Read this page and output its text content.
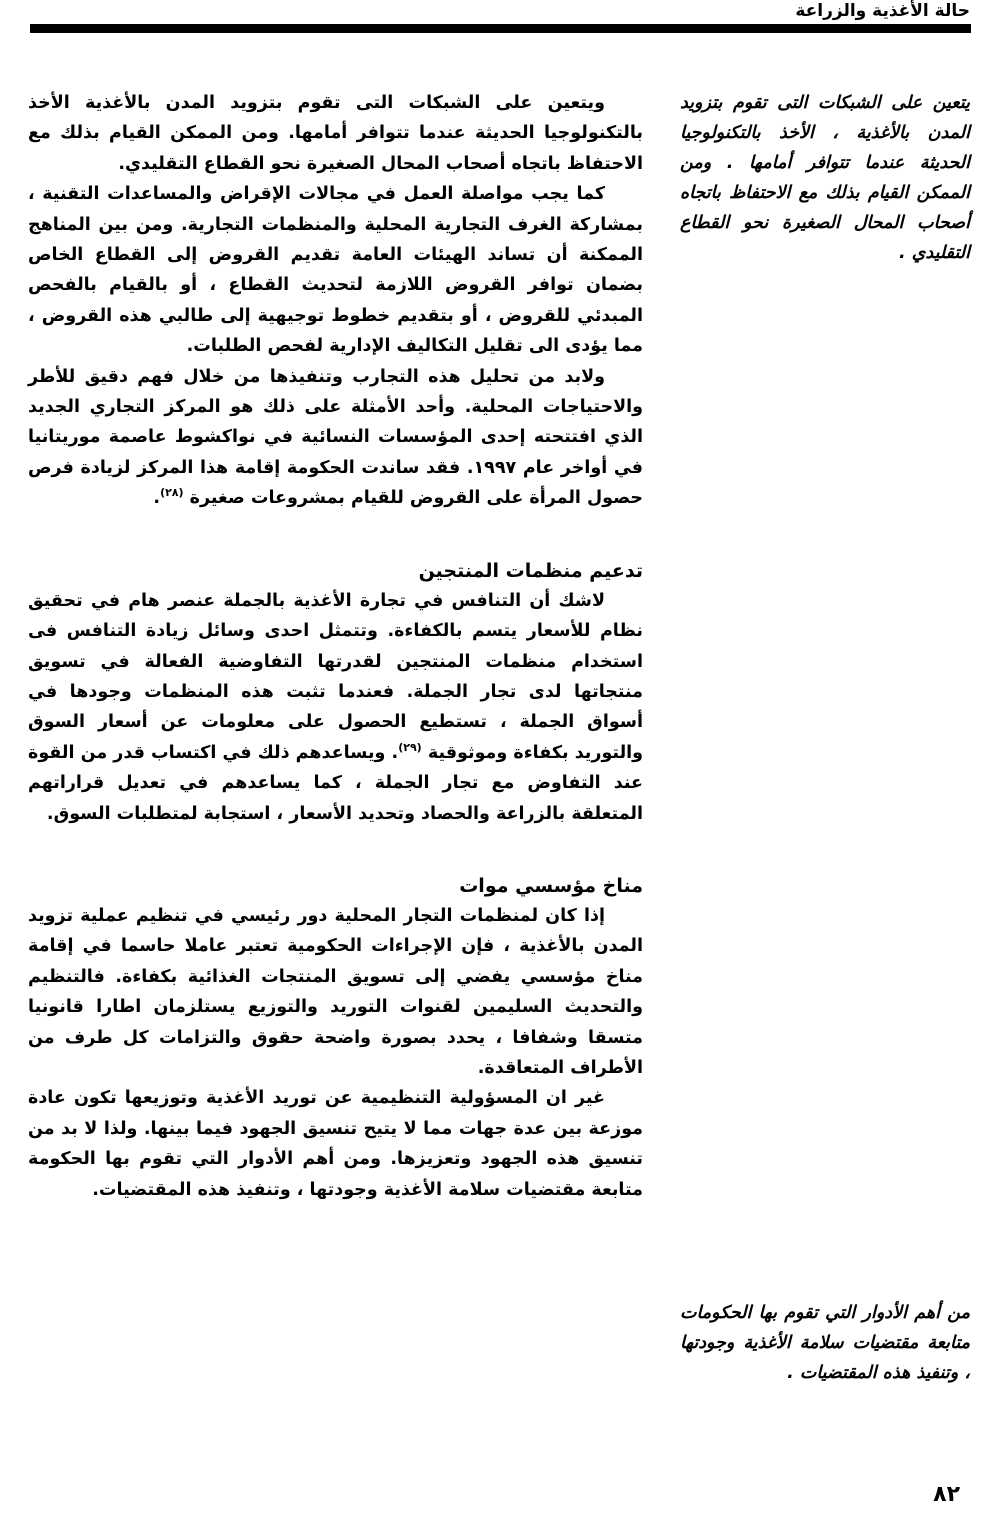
حالة الأغذية والزراعة

ويتعين على الشبكات التى تقوم بتزويد المدن بالأغذية الأخذ بالتكنولوجيا الحديثة عندما تتوافر أمامها. ومن الممكن القيام بذلك مع الاحتفاظ باتجاه أصحاب المحال الصغيرة نحو القطاع التقليدي.

كما يجب مواصلة العمل في مجالات الإقراض والمساعدات التقنية ، بمشاركة الغرف التجارية المحلية والمنظمات التجارية. ومن بين المناهج الممكنة أن تساند الهيئات العامة تقديم القروض إلى القطاع الخاص بضمان توافر القروض اللازمة لتحديث القطاع ، أو بالقيام بالفحص المبدئي للقروض ، أو بتقديم خطوط توجيهية إلى طالبي هذه القروض ، مما يؤدى الى تقليل التكاليف الإدارية لفحص الطلبات.

ولابد من تحليل هذه التجارب وتنفيذها من خلال فهم دقيق للأطر والاحتياجات المحلية. وأحد الأمثلة على ذلك هو المركز التجاري الجديد الذي افتتحته إحدى المؤسسات النسائية في نواكشوط عاصمة موريتانيا في أواخر عام ١٩٩٧. فقد ساندت الحكومة إقامة هذا المركز لزيادة فرص حصول المرأة على القروض للقيام بمشروعات صغيرة $^{(٢٨)}$.

تدعيم منظمات المنتجين

لاشك أن التنافس في تجارة الأغذية بالجملة عنصر هام في تحقيق نظام للأسعار يتسم بالكفاءة. وتتمثل احدى وسائل زيادة التنافس فى استخدام منظمات المنتجين لقدرتها التفاوضية الفعالة في تسويق منتجاتها لدى تجار الجملة. فعندما تثبت هذه المنظمات وجودها في أسواق الجملة ، تستطيع الحصول على معلومات عن أسعار السوق والتوريد بكفاءة وموثوقية $^{(٢٩)}$. ويساعدهم ذلك في اكتساب قدر من القوة عند التفاوض مع تجار الجملة ، كما يساعدهم في تعديل قراراتهم المتعلقة بالزراعة والحصاد وتحديد الأسعار ، استجابة لمتطلبات السوق.

مناخ مؤسسي موات

إذا كان لمنظمات التجار المحلية دور رئيسي في تنظيم عملية تزويد المدن بالأغذية ، فإن الإجراءات الحكومية تعتبر عاملا حاسما في إقامة مناخ مؤسسي يفضي إلى تسويق المنتجات الغذائية بكفاءة. فالتنظيم والتحديث السليمين لقنوات التوريد والتوزيع يستلزمان اطارا قانونيا متسقا وشفافا ، يحدد بصورة واضحة حقوق والتزامات كل طرف من الأطراف المتعاقدة.

غير ان المسؤولية التنظيمية عن توريد الأغذية وتوزيعها تكون عادة موزعة بين عدة جهات مما لا يتيح تنسيق الجهود فيما بينها. ولذا لا بد من تنسيق هذه الجهود وتعزيزها. ومن أهم الأدوار التي تقوم بها الحكومة متابعة مقتضيات سلامة الأغذية وجودتها ، وتنفيذ هذه المقتضيات.

يتعين على الشبكات التى تقوم بتزويد المدن بالأغذية ، الأخذ بالتكنولوجيا الحديثة عندما تتوافر أمامها . ومن الممكن القيام بذلك مع الاحتفاظ باتجاه أصحاب المحال الصغيرة نحو القطاع التقليدي .
من أهم الأدوار التي تقوم بها الحكومات متابعة مقتضيات سلامة الأغذية وجودتها ، وتنفيذ هذه المقتضيات .
٨٢
